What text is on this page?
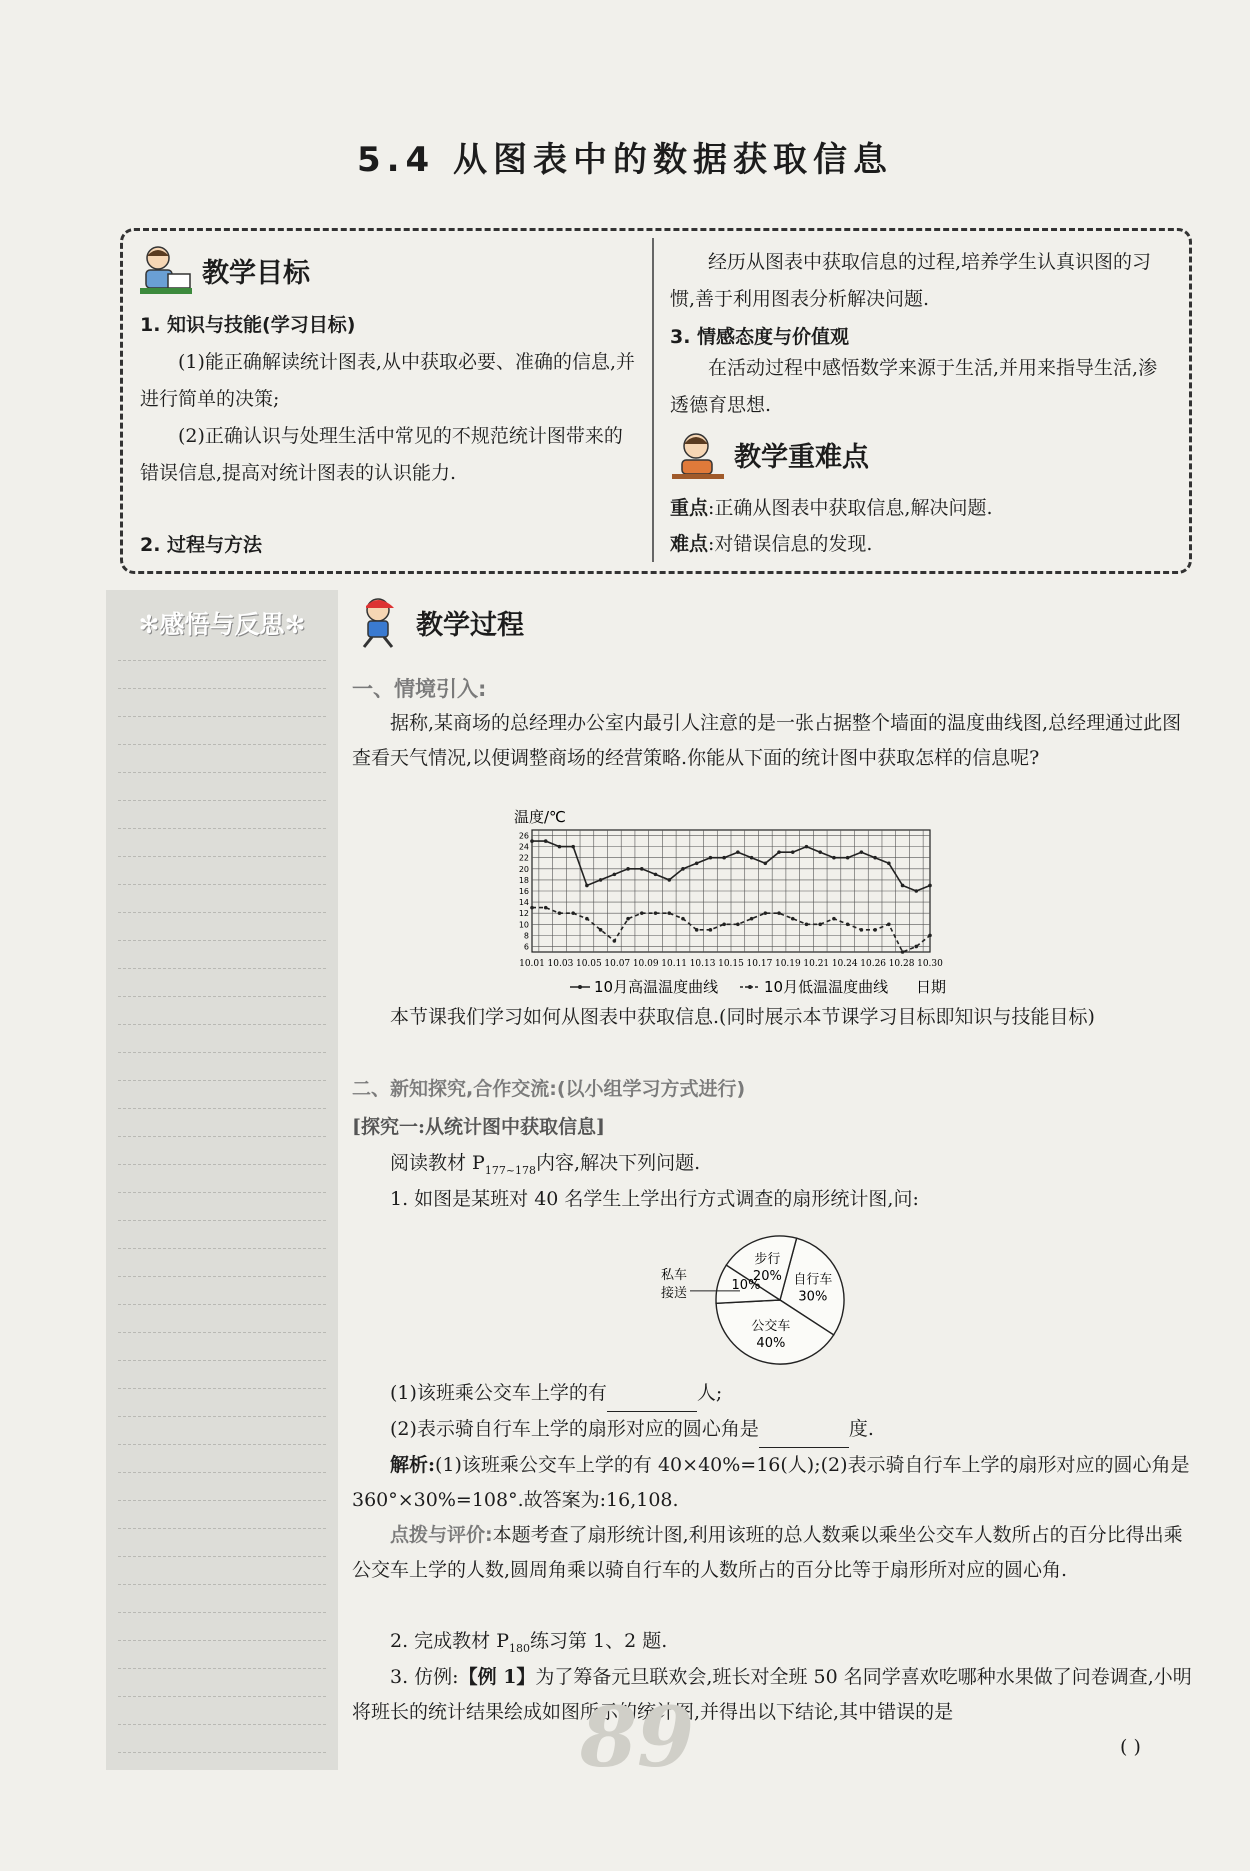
5.4 从图表中的数据获取信息
教学目标
1. 知识与技能(学习目标)
(1)能正确解读统计图表,从中获取必要、准确的信息,并进行简单的决策;
(2)正确认识与处理生活中常见的不规范统计图带来的错误信息,提高对统计图表的认识能力.
2. 过程与方法
经历从图表中获取信息的过程,培养学生认真识图的习惯,善于利用图表分析解决问题.
3. 情感态度与价值观
在活动过程中感悟数学来源于生活,并用来指导生活,渗透德育思想.
教学重难点
重点:正确从图表中获取信息,解决问题.
难点:对错误信息的发现.
✻感悟与反思✻	教学过程
一、情境引入:
据称,某商场的总经理办公室内最引人注意的是一张占据整个墙面的温度曲线图,总经理通过此图查看天气情况,以便调整商场的经营策略.你能从下面的统计图中获取怎样的信息呢?
温度/℃
6
8
10
12
14
16
18
20
22
24
26
10.01 10.03 10.05 10.07 10.09 10.11 10.13 10.15 10.17 10.19 10.21 10.24 10.26 10.28 10.30
10月高温温度曲线	10月低温温度曲线 日期
本节课我们学习如何从图表中获取信息.(同时展示本节课学习目标即知识与技能目标)
二、新知探究,合作交流:(以小组学习方式进行)
[探究一:从统计图中获取信息]
阅读教材 $P_{177\sim 178}$内容,解决下列问题.
1. 如图是某班对 40 名学生上学出行方式调查的扇形统计图,问:
自行车
30%
公交车
40%
私车
接送
10%
步行
20%
(1)该班乘公交车上学的有	人;
(2)表示骑自行车上学的扇形对应的圆心角是	度.
解析:(1)该班乘公交车上学的有 40×40%=16(人);(2)表示骑自行车上学的扇形对应的圆心角是 360°×30%=108°.故答案为:16,108.
点拨与评价:本题考查了扇形统计图,利用该班的总人数乘以乘坐公交车人数所占的百分比得出乘公交车上学的人数,圆周角乘以骑自行车的人数所占的百分比等于扇形所对应的圆心角.
2. 完成教材 $P_{180}$练习第 1、2 题.
3. 仿例:【例 1】为了筹备元旦联欢会,班长对全班 50 名同学喜欢吃哪种水果做了问卷调查,小明将班长的统计结果绘成如图所示的统计图,并得出以下结论,其中错误的是
( )
89
